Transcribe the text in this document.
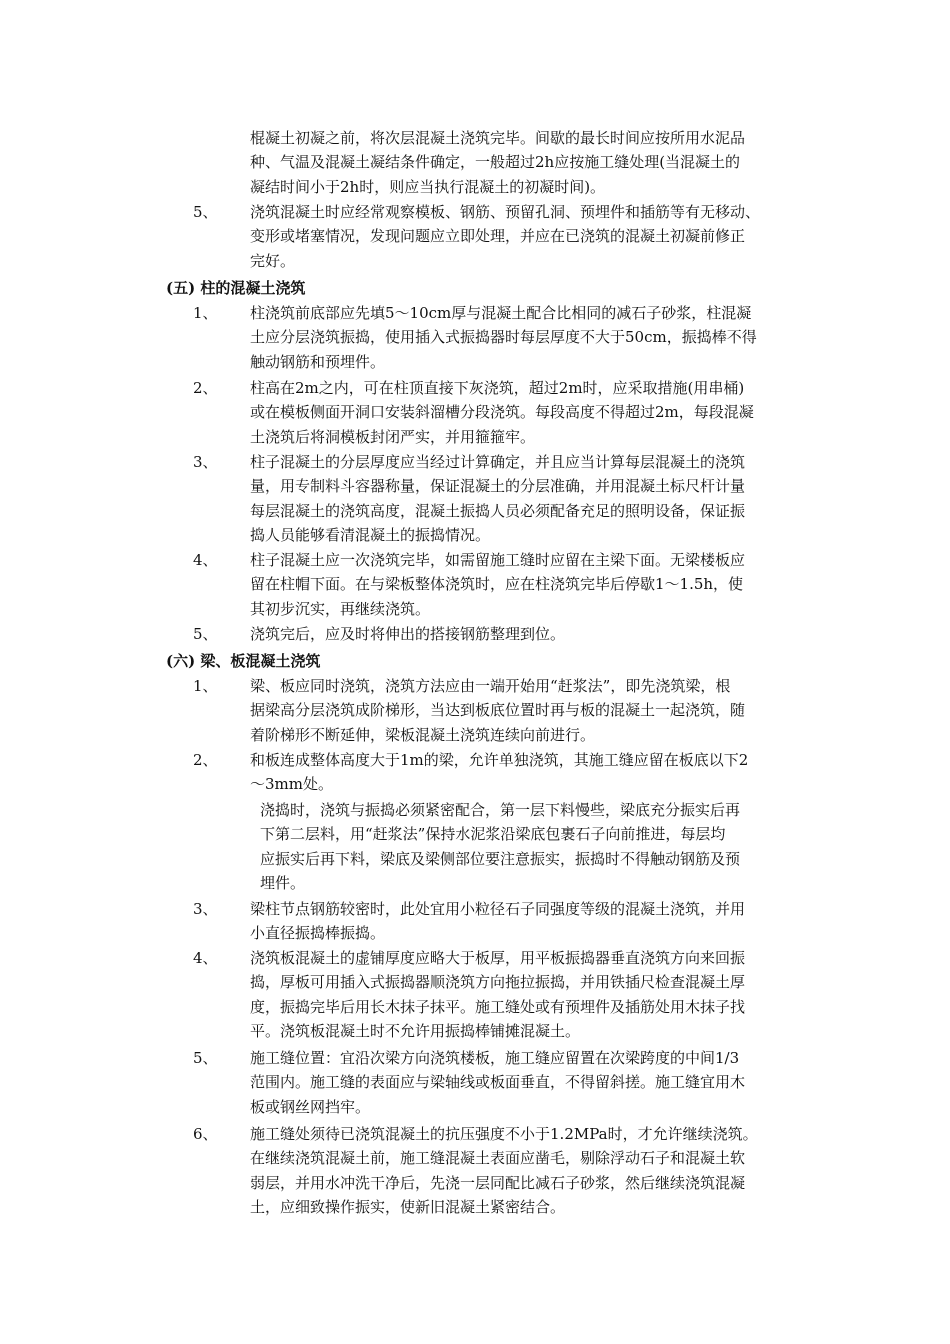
棍凝土初凝之前，将次层混凝土浇筑完毕。间歇的最长时间应按所用水泥品
种、气温及混凝土凝结条件确定，一般超过2h应按施工缝处理(当混凝土的
凝结时间小于2h时，则应当执行混凝土的初凝时间)。
5、 浇筑混凝土时应经常观察模板、钢筋、预留孔洞、预埋件和插筋等有无移动、
变形或堵塞情况，发现问题应立即处理，并应在已浇筑的混凝土初凝前修正
完好。
(五) 柱的混凝土浇筑
1、 柱浇筑前底部应先填5～10cm厚与混凝土配合比相同的减石子砂浆，柱混凝
土应分层浇筑振捣，使用插入式振捣器时每层厚度不大于50cm，振捣棒不得
触动钢筋和预埋件。
2、 柱高在2m之内，可在柱顶直接下灰浇筑，超过2m时，应采取措施(用串桶)
或在模板侧面开洞口安装斜溜槽分段浇筑。每段高度不得超过2m，每段混凝
土浇筑后将洞模板封闭严实，并用箍箍牢。
3、 柱子混凝土的分层厚度应当经过计算确定，并且应当计算每层混凝土的浇筑
量，用专制料斗容器称量，保证混凝土的分层准确，并用混凝土标尺杆计量
每层混凝土的浇筑高度，混凝土振捣人员必须配备充足的照明设备，保证振
捣人员能够看清混凝土的振捣情况。
4、 柱子混凝土应一次浇筑完毕，如需留施工缝时应留在主梁下面。无梁楼板应
留在柱帽下面。在与梁板整体浇筑时，应在柱浇筑完毕后停歇1～1.5h，使
其初步沉实，再继续浇筑。
5、 浇筑完后，应及时将伸出的搭接钢筋整理到位。
(六) 梁、板混凝土浇筑
1、 梁、板应同时浇筑，浇筑方法应由一端开始用“赶浆法”，即先浇筑梁，根
据梁高分层浇筑成阶梯形，当达到板底位置时再与板的混凝土一起浇筑，随
着阶梯形不断延伸，梁板混凝土浇筑连续向前进行。
2、 和板连成整体高度大于1m的梁，允许单独浇筑，其施工缝应留在板底以下2
～3mm处。
浇捣时，浇筑与振捣必须紧密配合，第一层下料慢些，梁底充分振实后再
下第二层料，用“赶浆法”保持水泥浆沿梁底包裹石子向前推进，每层均
应振实后再下料，梁底及梁侧部位要注意振实，振捣时不得触动钢筋及预
埋件。
3、 梁柱节点钢筋较密时，此处宜用小粒径石子同强度等级的混凝土浇筑，并用
小直径振捣棒振捣。
4、 浇筑板混凝土的虚铺厚度应略大于板厚，用平板振捣器垂直浇筑方向来回振
捣，厚板可用插入式振捣器顺浇筑方向拖拉振捣，并用铁插尺检查混凝土厚
度，振捣完毕后用长木抹子抹平。施工缝处或有预埋件及插筋处用木抹子找
平。浇筑板混凝土时不允许用振捣棒铺摊混凝土。
5、 施工缝位置：宜沿次梁方向浇筑楼板，施工缝应留置在次梁跨度的中间1/3
范围内。施工缝的表面应与梁轴线或板面垂直，不得留斜搓。施工缝宜用木
板或钢丝网挡牢。
6、 施工缝处须待已浇筑混凝土的抗压强度不小于1.2MPa时，才允许继续浇筑。
在继续浇筑混凝土前，施工缝混凝土表面应凿毛，剔除浮动石子和混凝土软
弱层，并用水冲洗干净后，先浇一层同配比减石子砂浆，然后继续浇筑混凝
土，应细致操作振实，使新旧混凝土紧密结合。
